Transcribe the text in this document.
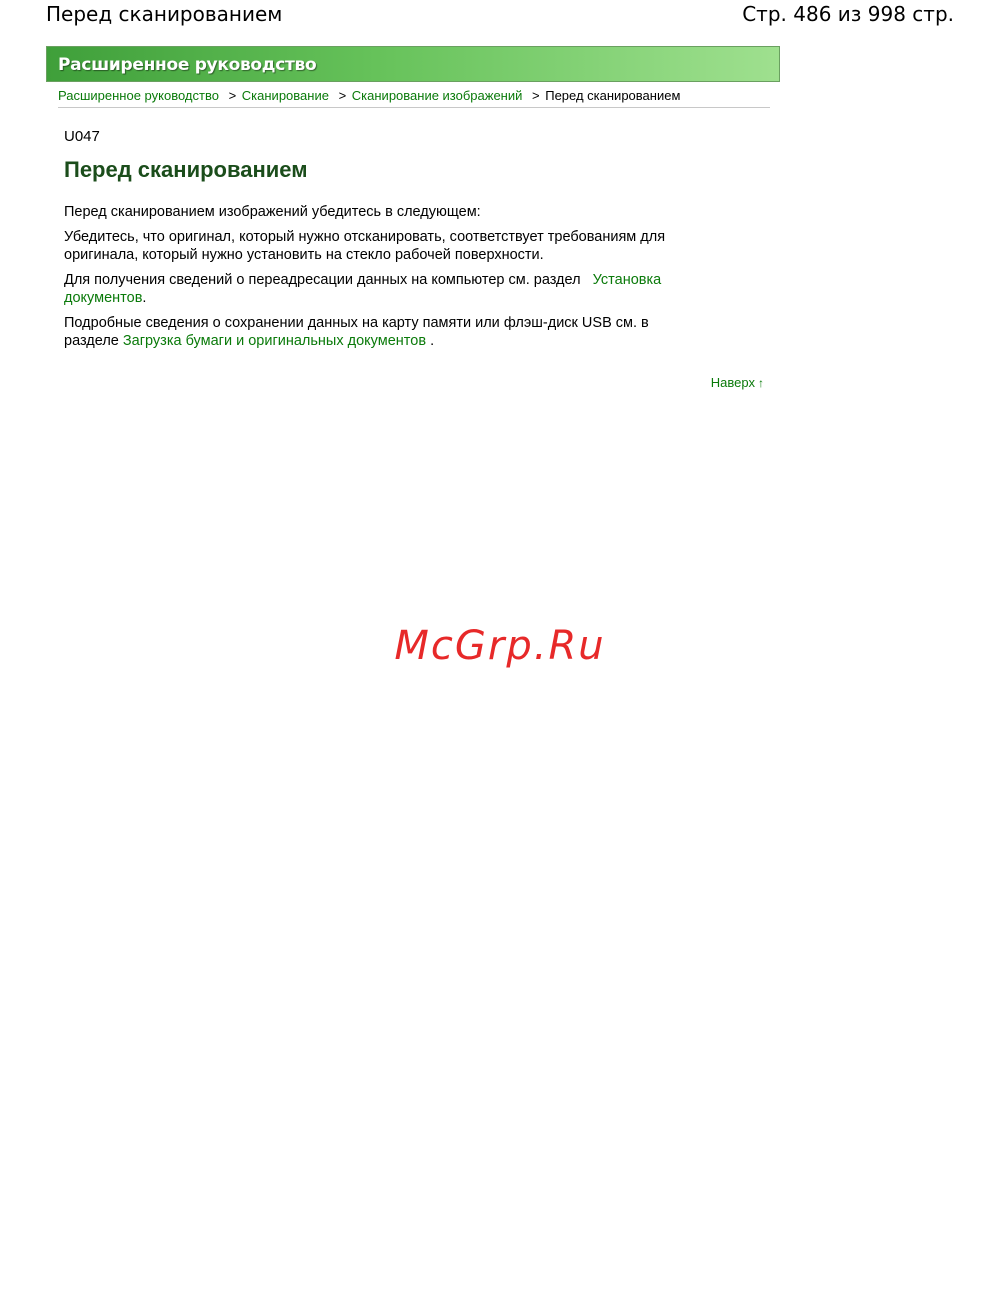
Перед сканированием	Стр. 486 из 998 стр.
Расширенное руководство
Расширенное руководство > Сканирование > Сканирование изображений > Перед сканированием
U047
Перед сканированием

Перед сканированием изображений убедитесь в следующем:

Убедитесь, что оригинал, который нужно отсканировать, соответствует требованиям для оригинала, который нужно установить на стекло рабочей поверхности.

Для получения сведений о переадресации данных на компьютер см. раздел Установка документов.

Подробные сведения о сохранении данных на карту памяти или флэш-диск USB см. в разделе Загрузка бумаги и оригинальных документов .

Наверх ↑
McGrp.Ru
